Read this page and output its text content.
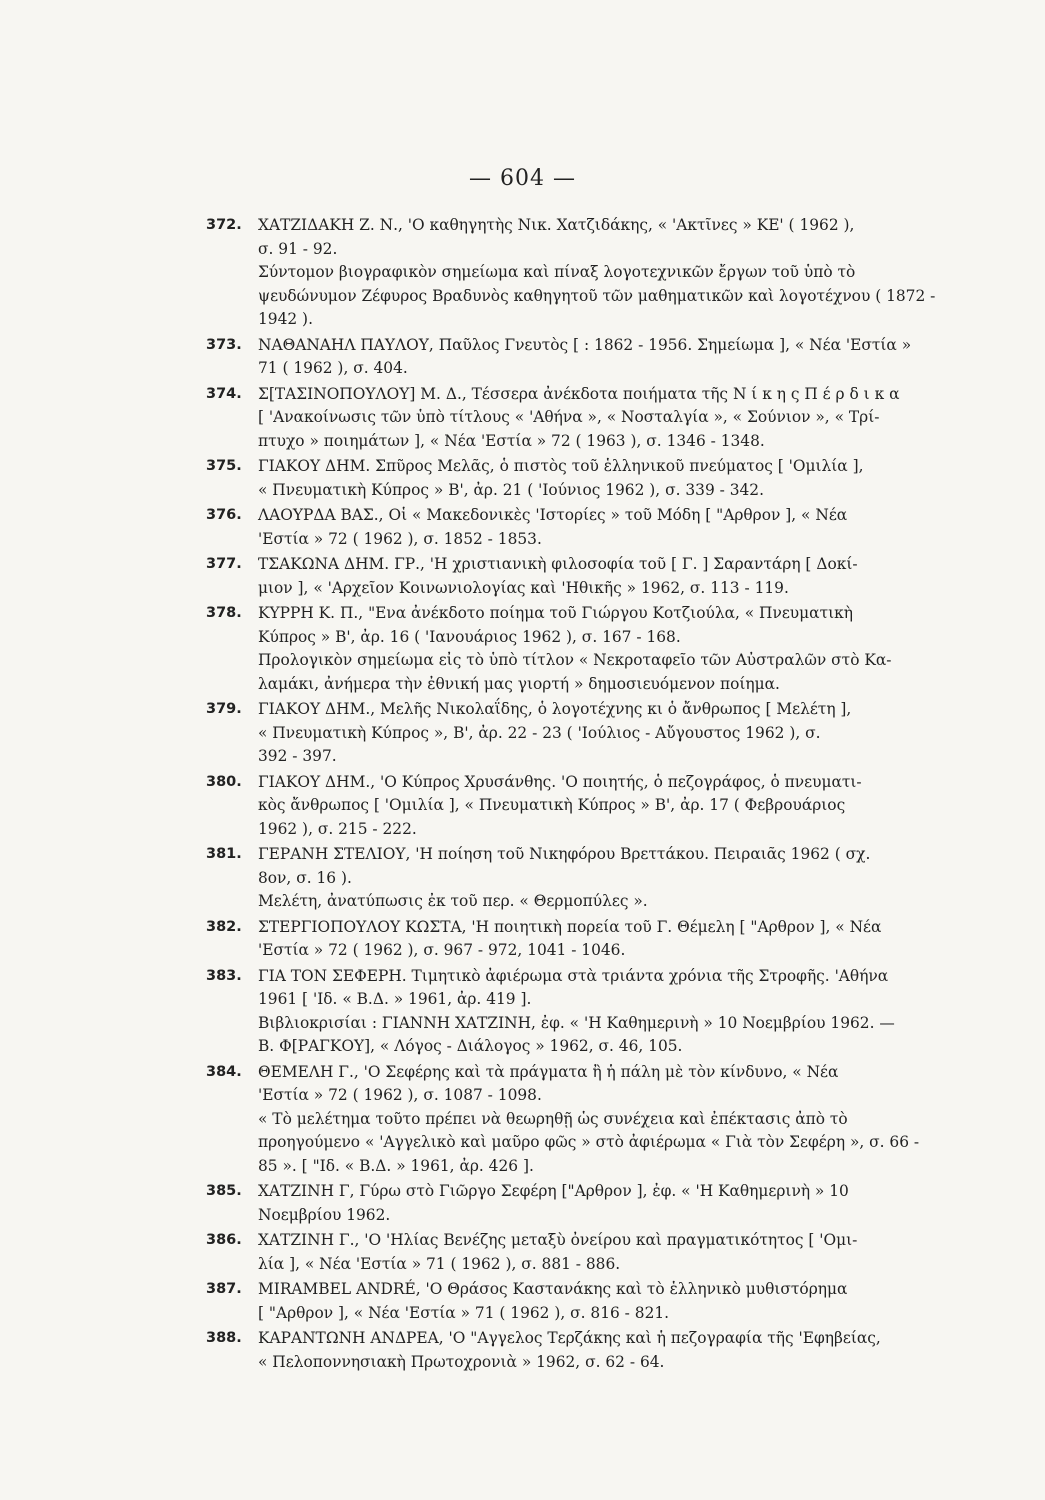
— 604 —
372.	ΧΑΤΖΙΔΑΚΗ Ζ. Ν., 'Ο καθηγητὴς Νικ. Χατζιδάκης, « 'Ακτῖνες » ΚΕ' ( 1962 ),
σ. 91 - 92.
Σύντομον βιογραφικὸν σημείωμα καὶ πίναξ λογοτεχνικῶν ἔργων τοῦ ὑπὸ τὸ
ψευδώνυμον Ζέφυρος Βραδυνὸς καθηγητοῦ τῶν μαθηματικῶν καὶ λογοτέχνου ( 1872 -
1942 ).
373.	ΝΑΘΑΝΑΗΛ ΠΑΥΛΟΥ, Παῦλος Γνευτὸς [ : 1862 - 1956. Σημείωμα ], « Νέα 'Εστία »
71 ( 1962 ), σ. 404.
374.	Σ[ΤΑΣΙΝΟΠΟΥΛΟΥ] Μ. Δ., Τέσσερα ἀνέκδοτα ποιήματα τῆς Ν ί κ η ς Π έ ρ δ ι κ α
[ 'Ανακοίνωσις τῶν ὑπὸ τίτλους « 'Αθήνα », « Νοσταλγία », « Σούνιον », « Τρί-
πτυχο » ποιημάτων ], « Νέα 'Εστία » 72 ( 1963 ), σ. 1346 - 1348.
375.	ΓΙΑΚΟΥ ΔΗΜ. Σπῦρος Μελᾶς, ὁ πιστὸς τοῦ ἑλληνικοῦ πνεύματος [ 'Ομιλία ],
« Πνευματικὴ Κύπρος » Β', ἀρ. 21 ( 'Ιούνιος 1962 ), σ. 339 - 342.
376.	ΛΑΟΥΡΔΑ ΒΑΣ., Οἱ « Μακεδονικὲς 'Ιστορίες » τοῦ Μόδη [ "Αρθρον ], « Νέα
'Εστία » 72 ( 1962 ), σ. 1852 - 1853.
377.	ΤΣΑΚΩΝΑ ΔΗΜ. ΓΡ., 'Η χριστιανικὴ φιλοσοφία τοῦ [ Γ. ] Σαραντάρη [ Δοκί-
μιον ], « 'Αρχεῖον Κοινωνιολογίας καὶ 'Ηθικῆς » 1962, σ. 113 - 119.
378.	ΚΥΡΡΗ Κ. Π., "Ενα ἀνέκδοτο ποίημα τοῦ Γιώργου Κοτζιούλα, « Πνευματικὴ
Κύπρος » Β', ἀρ. 16 ( 'Ιανουάριος 1962 ), σ. 167 - 168.
Προλογικὸν σημείωμα εἰς τὸ ὑπὸ τίτλον « Νεκροταφεῖο τῶν Αὐστραλῶν στὸ Κα-
λαμάκι, ἀνήμερα τὴν ἐθνική μας γιορτή » δημοσιευόμενον ποίημα.
379.	ΓΙΑΚΟΥ ΔΗΜ., Μελῆς Νικολαΐδης, ὁ λογοτέχνης κι ὁ ἄνθρωπος [ Μελέτη ],
« Πνευματικὴ Κύπρος », Β', ἀρ. 22 - 23 ( 'Ιούλιος - Αὔγουστος 1962 ), σ.
392 - 397.
380.	ΓΙΑΚΟΥ ΔΗΜ., 'Ο Κύπρος Χρυσάνθης. 'Ο ποιητής, ὁ πεζογράφος, ὁ πνευματι-
κὸς ἄνθρωπος [ 'Ομιλία ], « Πνευματικὴ Κύπρος » Β', ἀρ. 17 ( Φεβρουάριος
1962 ), σ. 215 - 222.
381.	ΓΕΡΑΝΗ ΣΤΕΛΙΟΥ, 'Η ποίηση τοῦ Νικηφόρου Βρεττάκου. Πειραιᾶς 1962 ( σχ.
8ον, σ. 16 ).
Μελέτη, ἀνατύπωσις ἐκ τοῦ περ. « Θερμοπύλες ».
382.	ΣΤΕΡΓΙΟΠΟΥΛΟΥ ΚΩΣΤΑ, 'Η ποιητικὴ πορεία τοῦ Γ. Θέμελη [ "Αρθρον ], « Νέα
'Εστία » 72 ( 1962 ), σ. 967 - 972, 1041 - 1046.
383.	ΓΙΑ ΤΟΝ ΣΕΦΕΡΗ. Τιμητικὸ ἀφιέρωμα στὰ τριάντα χρόνια τῆς Στροφῆς. 'Αθήνα
1961 [ 'Ιδ. « Β.Δ. » 1961, ἀρ. 419 ].
Βιβλιοκρισίαι : ΓΙΑΝΝΗ ΧΑΤΖΙΝΗ, ἐφ. « 'Η Καθημερινὴ » 10 Νοεμβρίου 1962. —
Β. Φ[ΡΑΓΚΟΥ], « Λόγος - Διάλογος » 1962, σ. 46, 105.
384.	ΘΕΜΕΛΗ Γ., 'Ο Σεφέρης καὶ τὰ πράγματα ἢ ἡ πάλη μὲ τὸν κίνδυνο, « Νέα
'Εστία » 72 ( 1962 ), σ. 1087 - 1098.
« Τὸ μελέτημα τοῦτο πρέπει νὰ θεωρηθῇ ὡς συνέχεια καὶ ἐπέκτασις ἀπὸ τὸ
προηγούμενο « 'Αγγελικὸ καὶ μαῦρο φῶς » στὸ ἀφιέρωμα « Γιὰ τὸν Σεφέρη », σ. 66 -
85 ». [ "Ιδ. « Β.Δ. » 1961, ἀρ. 426 ].
385.	ΧΑΤΖΙΝΗ Γ, Γύρω στὸ Γιῶργο Σεφέρη ["Αρθρον ], ἐφ. « 'Η Καθημερινὴ » 10
Νοεμβρίου 1962.
386.	ΧΑΤΖΙΝΗ Γ., 'Ο 'Ηλίας Βενέζης μεταξὺ ὀνείρου καὶ πραγματικότητος [ 'Ομι-
λία ], « Νέα 'Εστία » 71 ( 1962 ), σ. 881 - 886.
387.	MIRAMBEL ANDRÉ, 'Ο Θράσος Καστανάκης καὶ τὸ ἑλληνικὸ μυθιστόρημα
[ "Αρθρον ], « Νέα 'Εστία » 71 ( 1962 ), σ. 816 - 821.
388.	ΚΑΡΑΝΤΩΝΗ ΑΝΔΡΕΑ, 'Ο "Αγγελος Τερζάκης καὶ ἡ πεζογραφία τῆς 'Εφηβείας,
« Πελοποννησιακὴ Πρωτοχρονιὰ » 1962, σ. 62 - 64.
